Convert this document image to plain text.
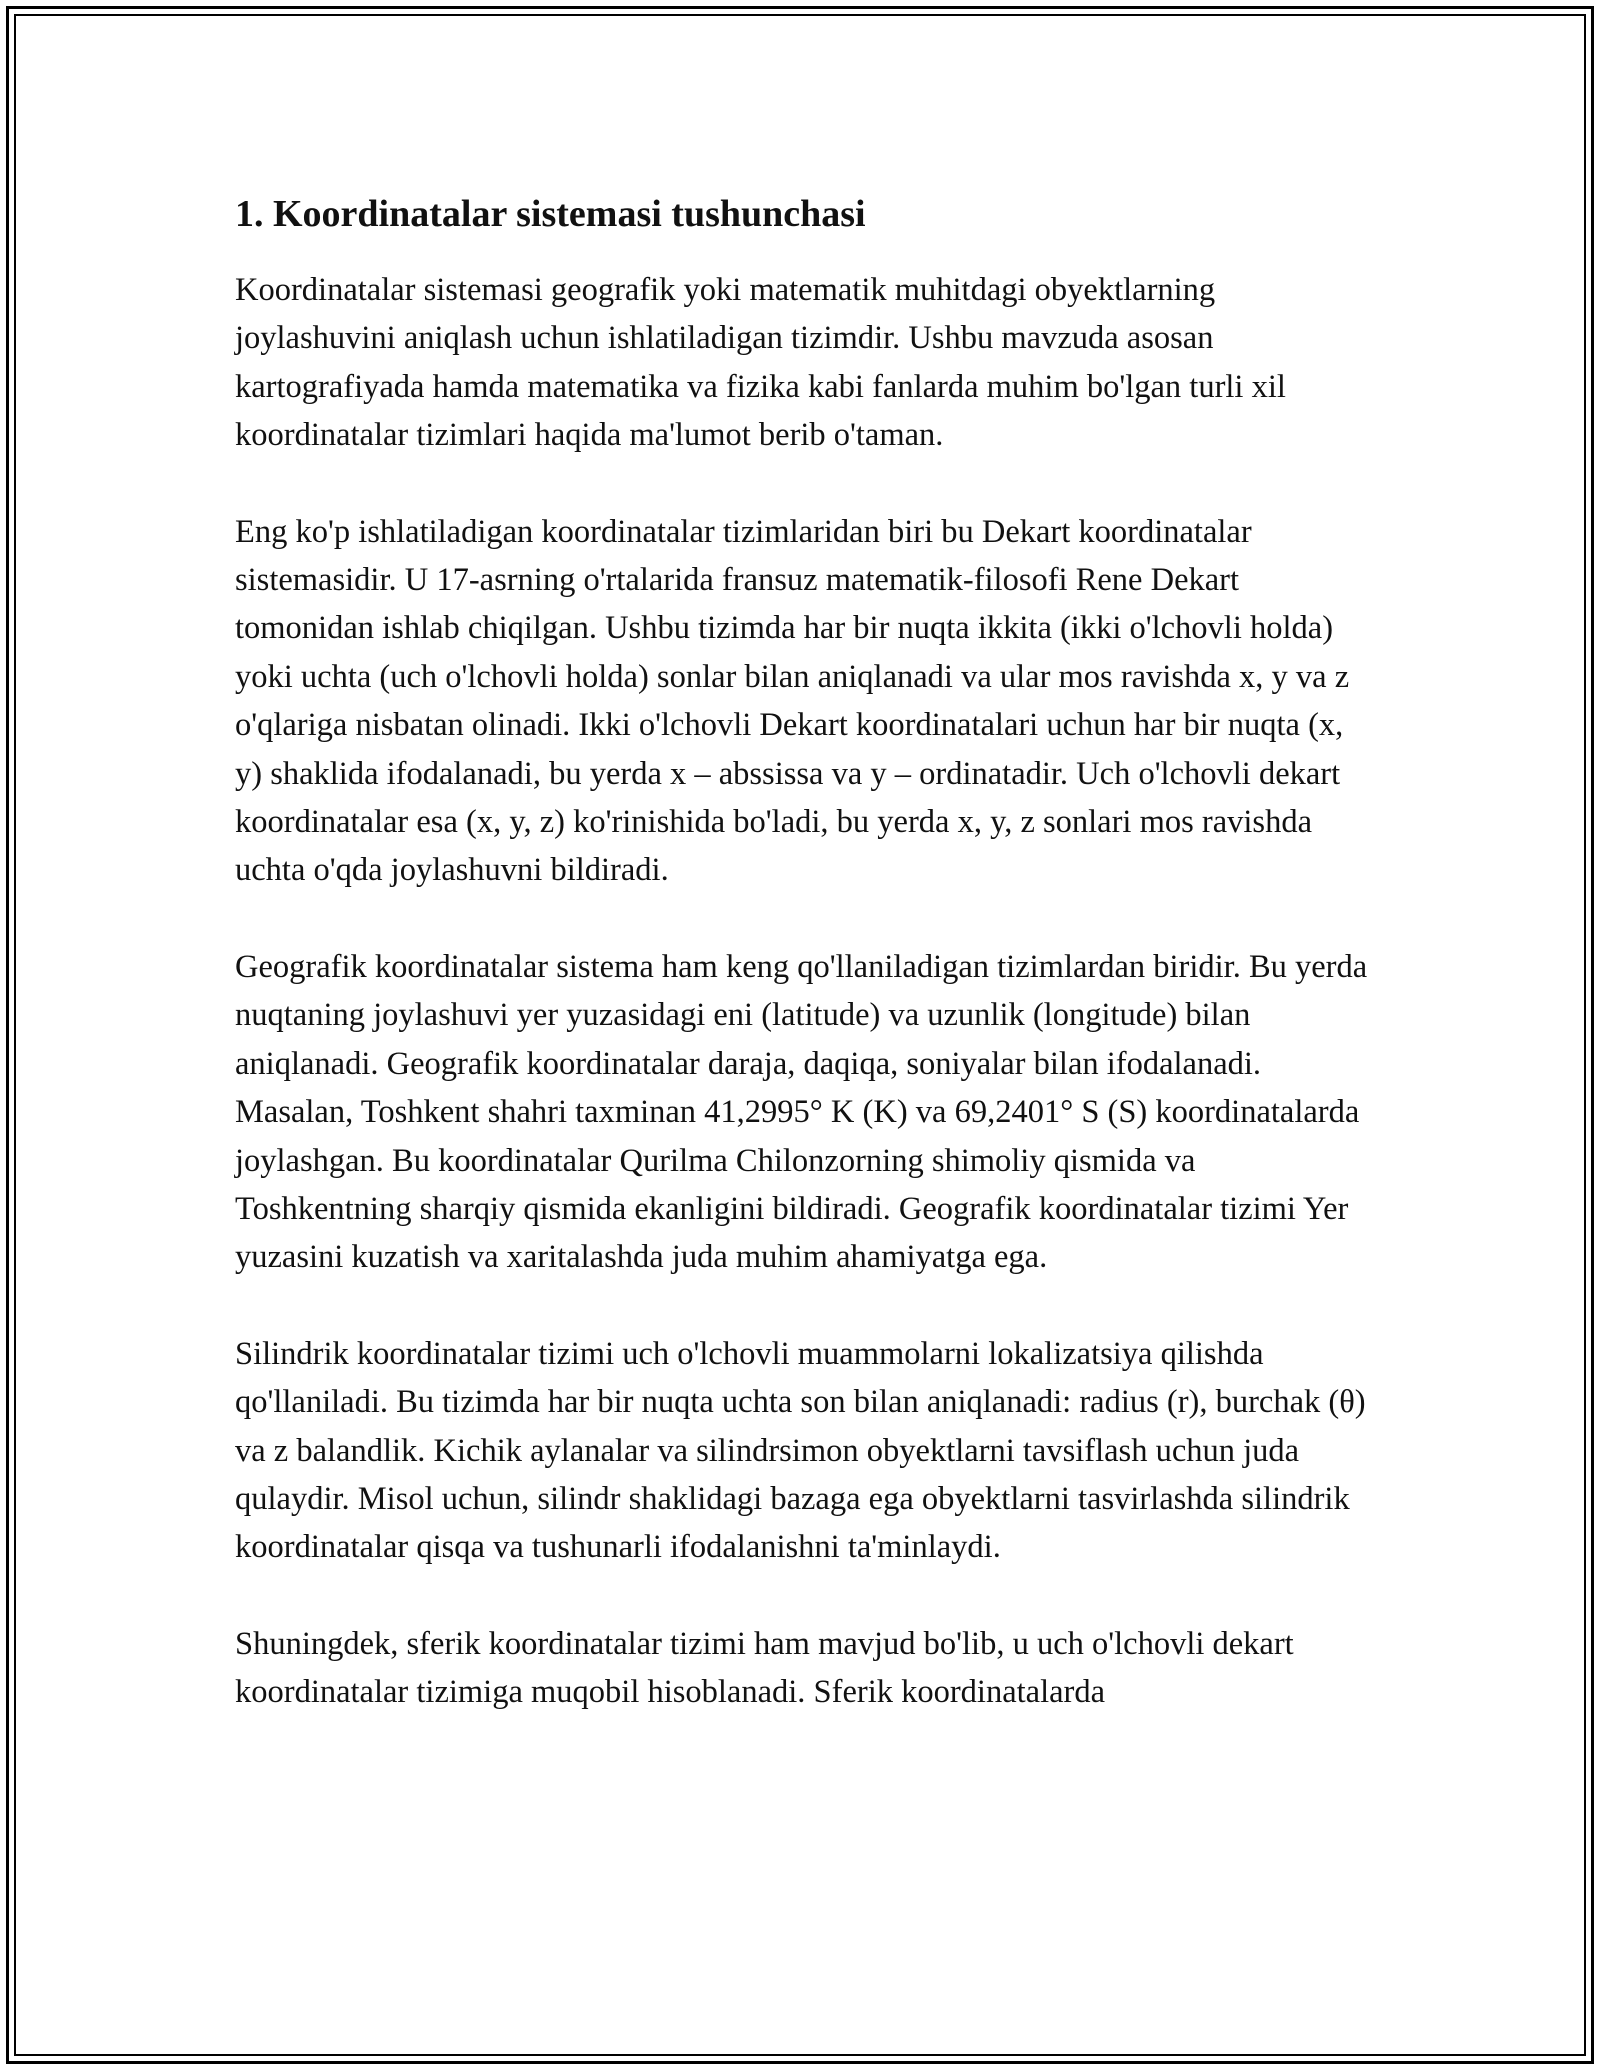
1. Koordinatalar sistemasi tushunchasi

Koordinatalar sistemasi geografik yoki matematik muhitdagi obyektlarning joylashuvini aniqlash uchun ishlatiladigan tizimdir. Ushbu mavzuda asosan kartografiyada hamda matematika va fizika kabi fanlarda muhim bo'lgan turli xil koordinatalar tizimlari haqida ma'lumot berib o'taman.

Eng ko'p ishlatiladigan koordinatalar tizimlaridan biri bu Dekart koordinatalar sistemasidir. U 17-asrning o'rtalarida fransuz matematik-filosofi Rene Dekart tomonidan ishlab chiqilgan. Ushbu tizimda har bir nuqta ikkita (ikki o'lchovli holda) yoki uchta (uch o'lchovli holda) sonlar bilan aniqlanadi va ular mos ravishda x, y va z o'qlariga nisbatan olinadi. Ikki o'lchovli Dekart koordinatalari uchun har bir nuqta (x, y) shaklida ifodalanadi, bu yerda x – abssissa va y – ordinatadir. Uch o'lchovli dekart koordinatalar esa (x, y, z) ko'rinishida bo'ladi, bu yerda x, y, z sonlari mos ravishda uchta o'qda joylashuvni bildiradi.

Geografik koordinatalar sistema ham keng qo'llaniladigan tizimlardan biridir. Bu yerda nuqtaning joylashuvi yer yuzasidagi eni (latitude) va uzunlik (longitude) bilan aniqlanadi. Geografik koordinatalar daraja, daqiqa, soniyalar bilan ifodalanadi. Masalan, Toshkent shahri taxminan 41,2995° K (K) va 69,2401° S (S) koordinatalarda joylashgan. Bu koordinatalar Qurilma Chilonzorning shimoliy qismida va Toshkentning sharqiy qismida ekanligini bildiradi. Geografik koordinatalar tizimi Yer yuzasini kuzatish va xaritalashda juda muhim ahamiyatga ega.

Silindrik koordinatalar tizimi uch o'lchovli muammolarni lokalizatsiya qilishda qo'llaniladi. Bu tizimda har bir nuqta uchta son bilan aniqlanadi: radius (r), burchak (θ) va z balandlik. Kichik aylanalar va silindrsimon obyektlarni tavsiflash uchun juda qulaydir. Misol uchun, silindr shaklidagi bazaga ega obyektlarni tasvirlashda silindrik koordinatalar qisqa va tushunarli ifodalanishni ta'minlaydi.

Shuningdek, sferik koordinatalar tizimi ham mavjud bo'lib, u uch o'lchovli dekart koordinatalar tizimiga muqobil hisoblanadi. Sferik koordinatalarda
